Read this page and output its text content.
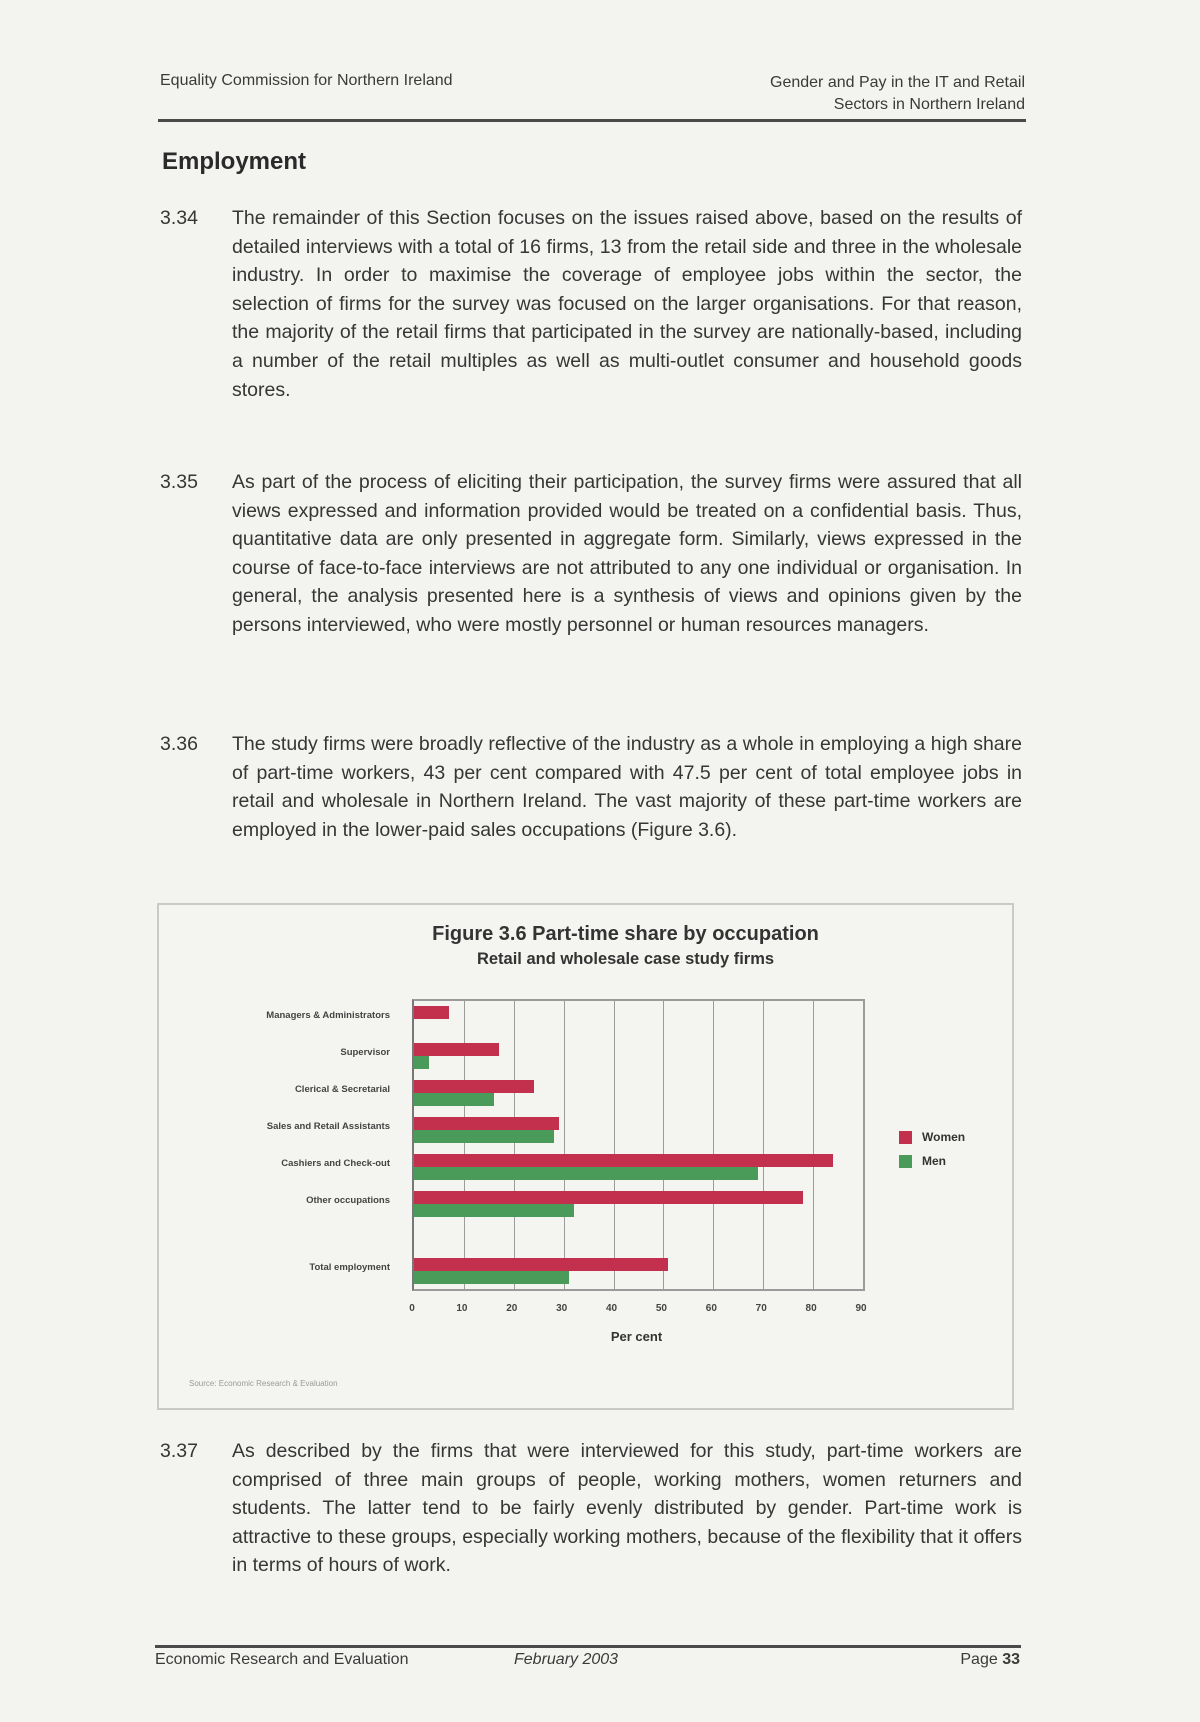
Equality Commission for Northern Ireland	Gender and Pay in the IT and Retail
Sectors in Northern Ireland
Employment
3.34 The remainder of this Section focuses on the issues raised above, based on the results of detailed interviews with a total of 16 firms, 13 from the retail side and three in the wholesale industry. In order to maximise the coverage of employee jobs within the sector, the selection of firms for the survey was focused on the larger organisations. For that reason, the majority of the retail firms that participated in the survey are nationally-based, including a number of the retail multiples as well as multi-outlet consumer and household goods stores.
3.35 As part of the process of eliciting their participation, the survey firms were assured that all views expressed and information provided would be treated on a confidential basis. Thus, quantitative data are only presented in aggregate form. Similarly, views expressed in the course of face-to-face interviews are not attributed to any one individual or organisation. In general, the analysis presented here is a synthesis of views and opinions given by the persons interviewed, who were mostly personnel or human resources managers.
3.36 The study firms were broadly reflective of the industry as a whole in employing a high share of part-time workers, 43 per cent compared with 47.5 per cent of total employee jobs in retail and wholesale in Northern Ireland. The vast majority of these part-time workers are employed in the lower-paid sales occupations (Figure 3.6).
Figure 3.6 Part-time share by occupation
Retail and wholesale case study firms
Managers & Administrators
Supervisor
Clerical & Secretarial
Sales and Retail Assistants
Cashiers and Check-out
Other occupations
Total employment
0	10	20	30	40	50	60	70	80	90
Per cent
Women
Men
Source: Economic Research & Evaluation
3.37 As described by the firms that were interviewed for this study, part-time workers are comprised of three main groups of people, working mothers, women returners and students. The latter tend to be fairly evenly distributed by gender. Part-time work is attractive to these groups, especially working mothers, because of the flexibility that it offers in terms of hours of work.
Economic Research and Evaluation	February 2003	Page 33
